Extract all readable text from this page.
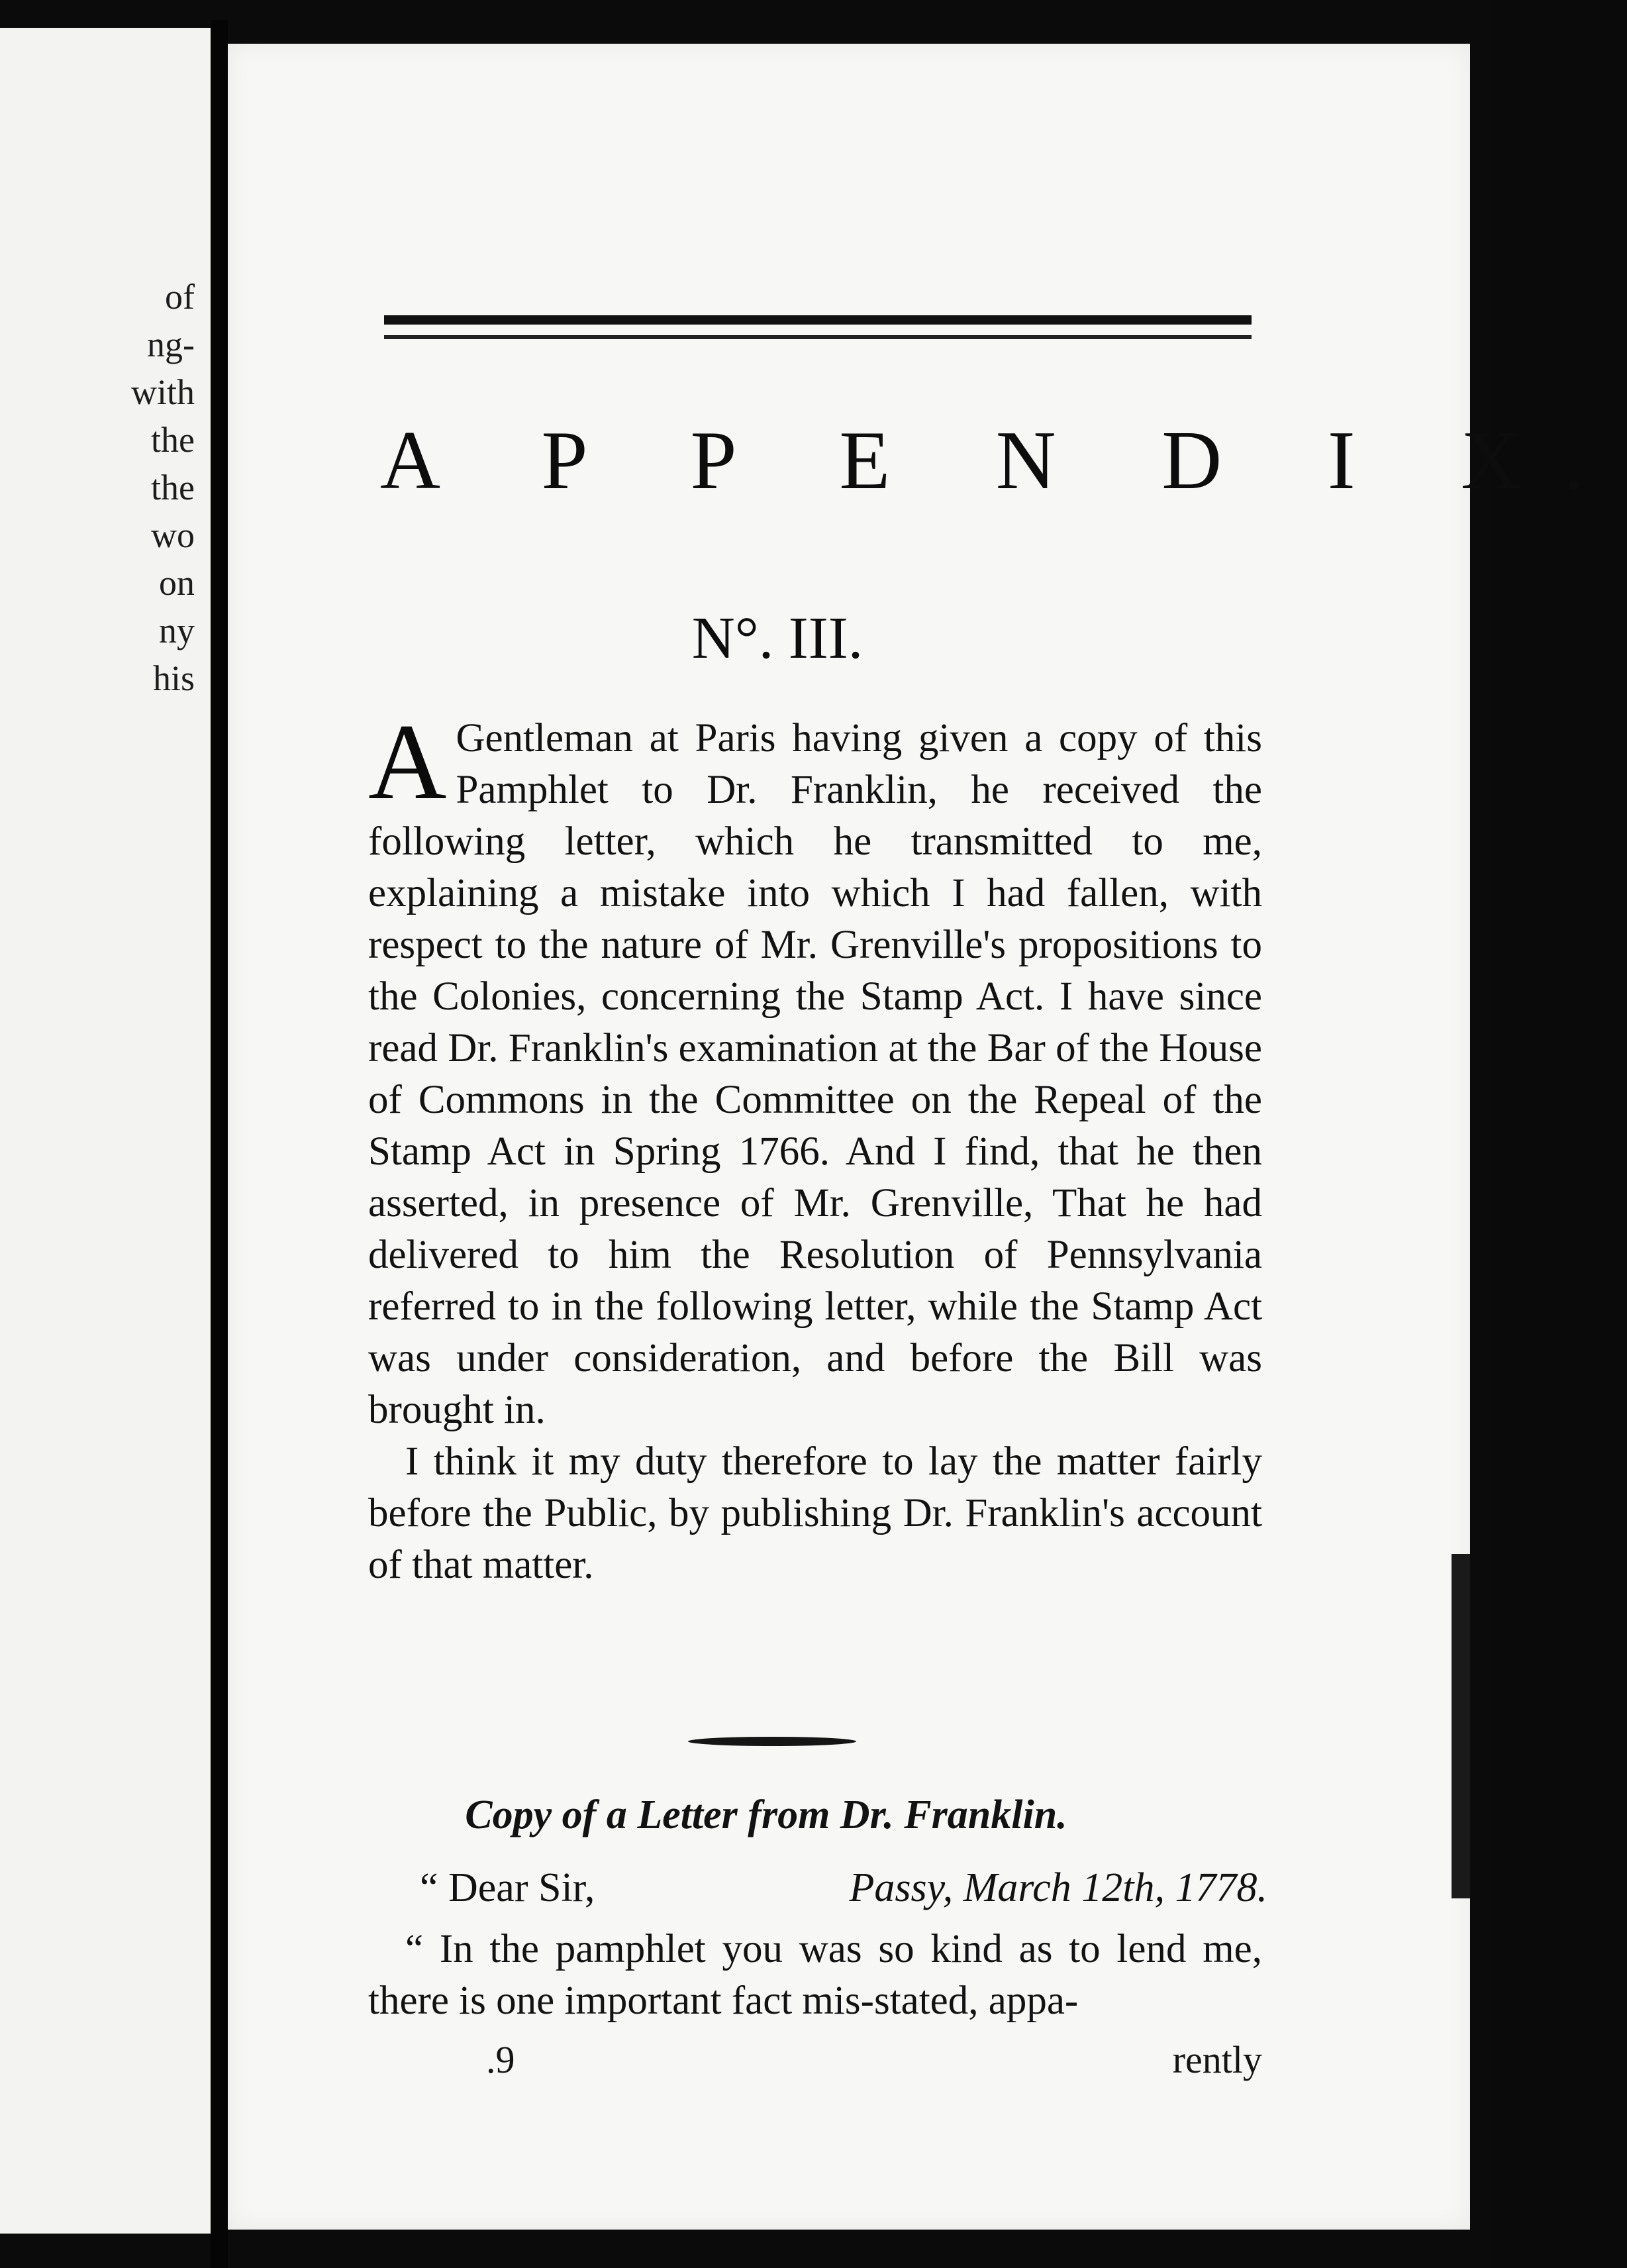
of
ng-
with
the
the
wo
on
ny
his
A P P E N D I X.
N°. III.

A Gentleman at Paris having given a copy of this Pamphlet to Dr. Franklin, he received the following letter, which he transmitted to me, explaining a mistake into which I had fallen, with respect to the nature of Mr. Grenville's propositions to the Colonies, concerning the Stamp Act. I have since read Dr. Franklin's examination at the Bar of the House of Commons in the Committee on the Repeal of the Stamp Act in Spring 1766. And I find, that he then asserted, in presence of Mr. Grenville, That he had delivered to him the Resolution of Pennsylvania referred to in the following letter, while the Stamp Act was under consideration, and before the Bill was brought in.

I think it my duty therefore to lay the matter fairly before the Public, by publishing Dr. Franklin's account of that matter.

Copy of a Letter from Dr. Franklin.
“ Dear Sir,	Passy, March 12th, 1778.

“ In the pamphlet you was so kind as to lend me, there is one important fact mis-stated, appa-

.9	rently
